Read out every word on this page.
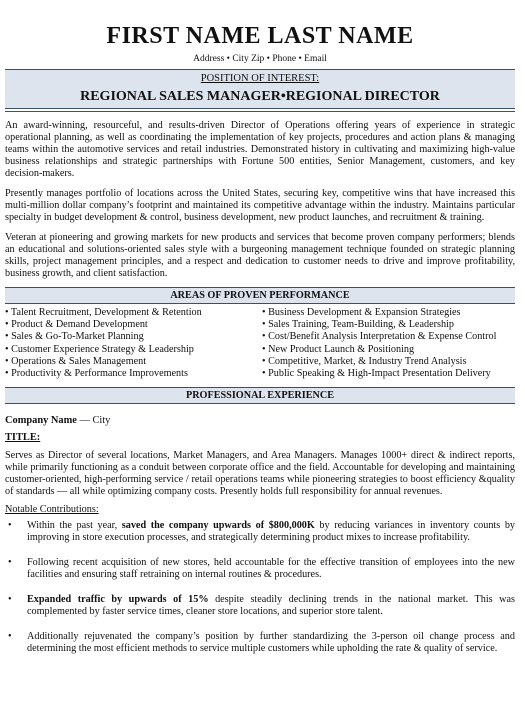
FIRST NAME LAST NAME
Address • City Zip • Phone • Email
POSITION OF INTEREST:
REGIONAL SALES MANAGER•REGIONAL DIRECTOR

An award-winning, resourceful, and results-driven Director of Operations offering years of experience in strategic operational planning, as well as coordinating the implementation of key projects, procedures and action plans & managing teams within the automotive services and retail industries. Demonstrated history in cultivating and maximizing high-value business relationships and strategic partnerships with Fortune 500 entities, Senior Management, customers, and key decision-makers.

Presently manages portfolio of locations across the United States, securing key, competitive wins that have increased this multi-million dollar company’s footprint and maintained its competitive advantage within the industry. Maintains particular specialty in budget development & control, business development, new product launches, and recruitment & training.

Veteran at pioneering and growing markets for new products and services that become proven company performers; blends an educational and solutions-oriented sales style with a burgeoning management technique founded on strategic planning skills, project management principles, and a respect and dedication to customer needs to drive and improve profitability, business growth, and client satisfaction.

AREAS OF PROVEN PERFORMANCE
• Talent Recruitment, Development & Retention
• Product & Demand Development
• Sales & Go-To-Market Planning
• Customer Experience Strategy & Leadership
• Operations & Sales Management
• Productivity & Performance Improvements
• Business Development & Expansion Strategies
• Sales Training, Team-Building, & Leadership
• Cost/Benefit Analysis Interpretation & Expense Control
• New Product Launch & Positioning
• Competitive, Market, & Industry Trend Analysis
• Public Speaking & High-Impact Presentation Delivery
PROFESSIONAL EXPERIENCE
Company Name — City
TITLE:

Serves as Director of several locations, Market Managers, and Area Managers. Manages 1000+ direct & indirect reports, while primarily functioning as a conduit between corporate office and the field. Accountable for developing and maintaining customer-oriented, high-performing service / retail operations teams while pioneering strategies to boost efficiency &quality of standards — all while optimizing company costs. Presently holds full responsibility for annual revenues.

Notable Contributions:
• Within the past year, saved the company upwards of $800,000K by reducing variances in inventory counts by improving in store execution processes, and strategically determining product mixes to increase profitability.
• Following recent acquisition of new stores, held accountable for the effective transition of employees into the new facilities and ensuring staff retraining on internal routines & procedures.
• Expanded traffic by upwards of 15% despite steadily declining trends in the national market. This was complemented by faster service times, cleaner store locations, and superior store talent.
• Additionally rejuvenated the company’s position by further standardizing the 3-person oil change process and determining the most efficient methods to service multiple customers while upholding the rate & quality of service.
